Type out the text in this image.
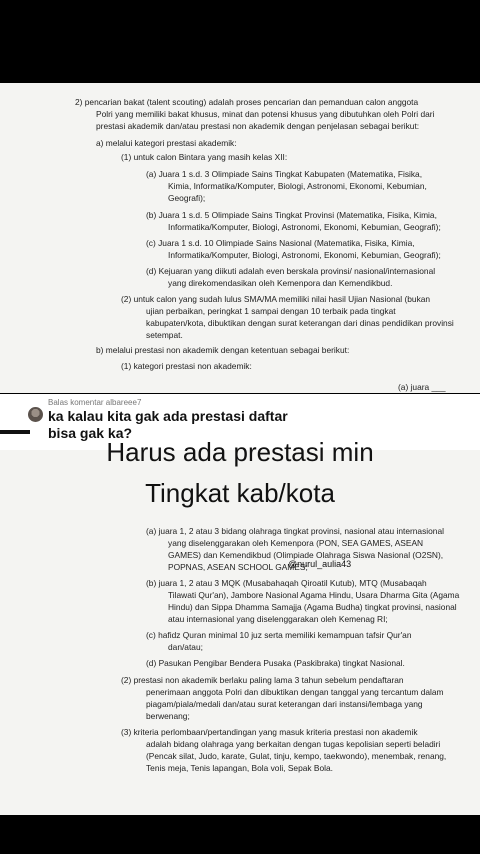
2) pencarian bakat (talent scouting) adalah proses pencarian dan pemanduan calon anggota
Polri yang memiliki bakat khusus, minat dan potensi khusus yang dibutuhkan oleh Polri dari
prestasi akademik dan/atau prestasi non akademik dengan penjelasan sebagai berikut:
a) melalui kategori prestasi akademik:
(1) untuk calon Bintara yang masih kelas XII:
(a) Juara 1 s.d. 3 Olimpiade Sains Tingkat Kabupaten (Matematika, Fisika,
Kimia, Informatika/Komputer, Biologi, Astronomi, Ekonomi, Kebumian,
Geografi);
(b) Juara 1 s.d. 5 Olimpiade Sains Tingkat Provinsi (Matematika, Fisika, Kimia,
Informatika/Komputer, Biologi, Astronomi, Ekonomi, Kebumian, Geografi);
(c) Juara 1 s.d. 10 Olimpiade Sains Nasional (Matematika, Fisika, Kimia,
Informatika/Komputer, Biologi, Astronomi, Ekonomi, Kebumian, Geografi);
(d) Kejuaran yang diikuti adalah even berskala provinsi/ nasional/internasional
yang direkomendasikan oleh Kemenpora dan Kemendikbud.
(2) untuk calon yang sudah lulus SMA/MA memiliki nilai hasil Ujian Nasional (bukan
ujian perbaikan, peringkat 1 sampai dengan 10 terbaik pada tingkat
kabupaten/kota, dibuktikan dengan surat keterangan dari dinas pendidikan provinsi
setempat.
b) melalui prestasi non akademik dengan ketentuan sebagai berikut:
(1) kategori prestasi non akademik:
(a) juara ___
(a) juara 1, 2 atau 3 bidang olahraga tingkat provinsi, nasional atau internasional
yang diselenggarakan oleh Kemenpora (PON, SEA GAMES, ASEAN
GAMES) dan Kemendikbud (Olimpiade Olahraga Siswa Nasional (O2SN),
POPNAS, ASEAN SCHOOL GAMES;
(b) juara 1, 2 atau 3 MQK (Musabahaqah Qiroatil Kutub), MTQ (Musabaqah
Tilawati Qur'an), Jambore Nasional Agama Hindu, Usara Dharma Gita (Agama
Hindu) dan Sippa Dhamma Samajja (Agama Budha) tingkat provinsi, nasional
atau internasional yang diselenggarakan oleh Kemenag RI;
(c) hafidz Quran minimal 10 juz serta memiliki kemampuan tafsir Qur'an
dan/atau;
(d) Pasukan Pengibar Bendera Pusaka (Paskibraka) tingkat Nasional.
(2) prestasi non akademik berlaku paling lama 3 tahun sebelum pendaftaran
penerimaan anggota Polri dan dibuktikan dengan tanggal yang tercantum dalam
piagam/piala/medali dan/atau surat keterangan dari instansi/lembaga yang
berwenang;
(3) kriteria perlombaan/pertandingan yang masuk kriteria prestasi non akademik
adalah bidang olahraga yang berkaitan dengan tugas kepolisian seperti beladiri
(Pencak silat, Judo, karate, Gulat, tinju, kempo, taekwondo), menembak, renang,
Tenis meja, Tenis lapangan, Bola voli, Sepak Bola.
Balas komentar albareee7
ka kalau kita gak ada prestasi daftar bisa gak ka?
Harus ada prestasi min
Tingkat kab/kota
@nurul_aulia43
